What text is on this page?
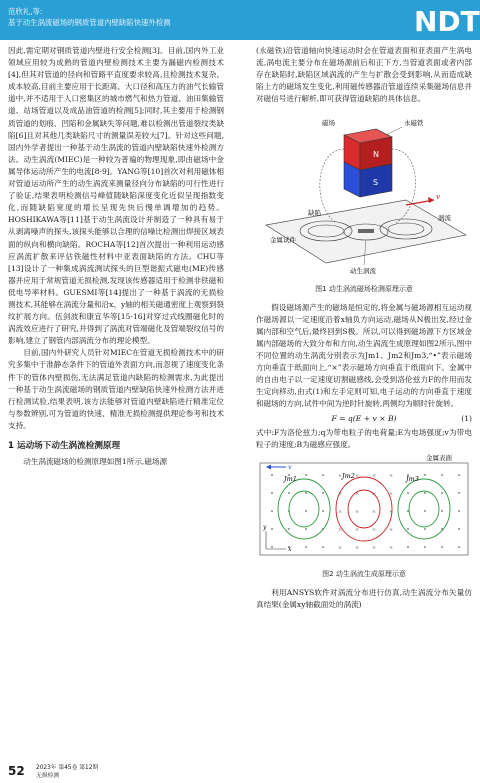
范欣礼,等:
基于动生涡流磁场的钢质管道内壁缺陷快速外检测	NDT

因此,需定期对钢质管道内壁进行安全检测[3]。目前,国内外工业领域应用较为成熟的管道内壁检测技术主要为漏磁内检测技术[4],但其对管道的径向和管路平直度要求较高,且检测技术复杂、成本较高,目前主要应用于长距离、大口径和高压力的油气长输管道中,并不适用于人口密集区的城市燃气和热力管道、油田集输管道、站场管道以及成品油管道的检测[5];同时,其主要用于检测钢质管道的划痕、凹陷和金属缺失等问题,难以检测出管道裂纹类缺陷[6]且对其他几类缺陷尺寸的测量误差较大[7]。针对这些问题,国内外学者提出一种基于动生涡流的管道内壁缺陷快速外检测方法。动生涡流(MIEC)是一种较为普遍的物理现象,即由磁场中金属导体运动所产生的电流[8-9]。YANG等[10]首次对利用磁体相对管道运动所产生的动生涡流来测量径向分布缺陷的可行性进行了验证,结果表明检测信号峰值随缺陷深度变化近似呈现指数变化,而随缺陷宽度的增长呈现先快后慢单调增加的趋势。HOSHIKAWA等[11]基于动生涡流设计并制造了一种具有易于从剥离噪声的探头,该探头能够以合理的信噪比检测出焊接区域表面的纵向和横向缺陷。ROCHA等[12]首次提出一种利用运动感应涡流扩散来评估铁磁性材料中亚表面缺陷的方法。CHU等[13]设计了一种集成涡流测试探头的巨型谐振式磁电(ME)传感器并应用于常规管道无损检测,发现该传感器适用于检测非铁磁和低电导率材料。GUESMI等[14]提出了一种基于涡流的无损检测技术,其能够在涡流分量和沿x、y轴的相关磁通密度上观察到裂纹扩展方向。伍剑波和康宜华等[15-16]对穿过式线圈磁化时的涡流效应进行了研究,并得到了涡流对管端磁化及管端裂纹信号的影响,建立了钢管内部涡流分布的理论模型。

目前,国内外研究人员针对MIEC在管道无损检测技术中的研究多集中于准静态条件下的管道外表面方向,而忽视了速度变化条件下的管体内壁损伤,无法满足管道内缺陷的检测需求,为此提出一种基于动生涡流磁场的钢质管道内壁缺陷快速外检测方法并进行检测试验,结果表明,该方法能够对管道内壁缺陷进行精准定位与参数辨别,可为管道的快速、精准无损检测提供理论参考和技术支持。

1 运动场下动生涡流检测原理

动生涡流磁场的检测原理如图1所示,磁场源

(永磁铁)沿管道轴向快速运动时会在管道表面和亚表面产生涡电流,涡电流主要分布在磁场源前后和正下方,当管道表面或者内部存在缺陷时,缺陷区域涡流的产生与扩散会受到影响,从而造成缺陷上方的磁场发生变化,利用磁传感器沿管道连续采集磁场信息并对磁信号进行解析,即可获得管道缺陷的具体信息。

N
S
v
磁场	永磁铁
缺陷
涡流
金属试件
动生涡流
图1 动生涡流磁场检测原理示意

假设磁场源产生的磁场是恒定的,将金属与磁场源相互运动视作磁场源以一定速度沿着x轴负方向运动,磁场从N极出发,经过金属内部和空气后,最终回到S极。所以,可以得到磁场源下方区域金属内部磁场的大致分布和方向,动生涡流生成原理如图2所示,图中不同位置的动生涡流分别表示为Jm1、Jm2和Jm3,“•”表示磁场方向垂直于纸面向上,“×”表示磁场方向垂直于纸面向下。金属中的自由电子以一定速度切割磁感线,会受到洛伦兹力F的作用而发生定向移动,由式(1)和左手定则可知,电子运动的方向垂直于速度和磁场的方向,试件中间为逆时针旋转,两侧均为顺时针旋转。

F = q(E + v × B)	(1)

式中:F为洛伦兹力;q为带电粒子的电荷量;E为电场强度;v为带电粒子的速度;B为磁感应强度。

金属表面
×	×	×	×
×	×	×	×
×	×	×	×
×	×	×	×
×	×	×	×
Jm1	Jm2	Jm3
x
y
v
图2 动生涡流生成原理示意

利用ANSYS软件对涡流分布进行仿真,动生涡流分布矢量仿真结果(金属xy轴截面处的涡流)

52 2023年 第45卷 第12期
无损检测
